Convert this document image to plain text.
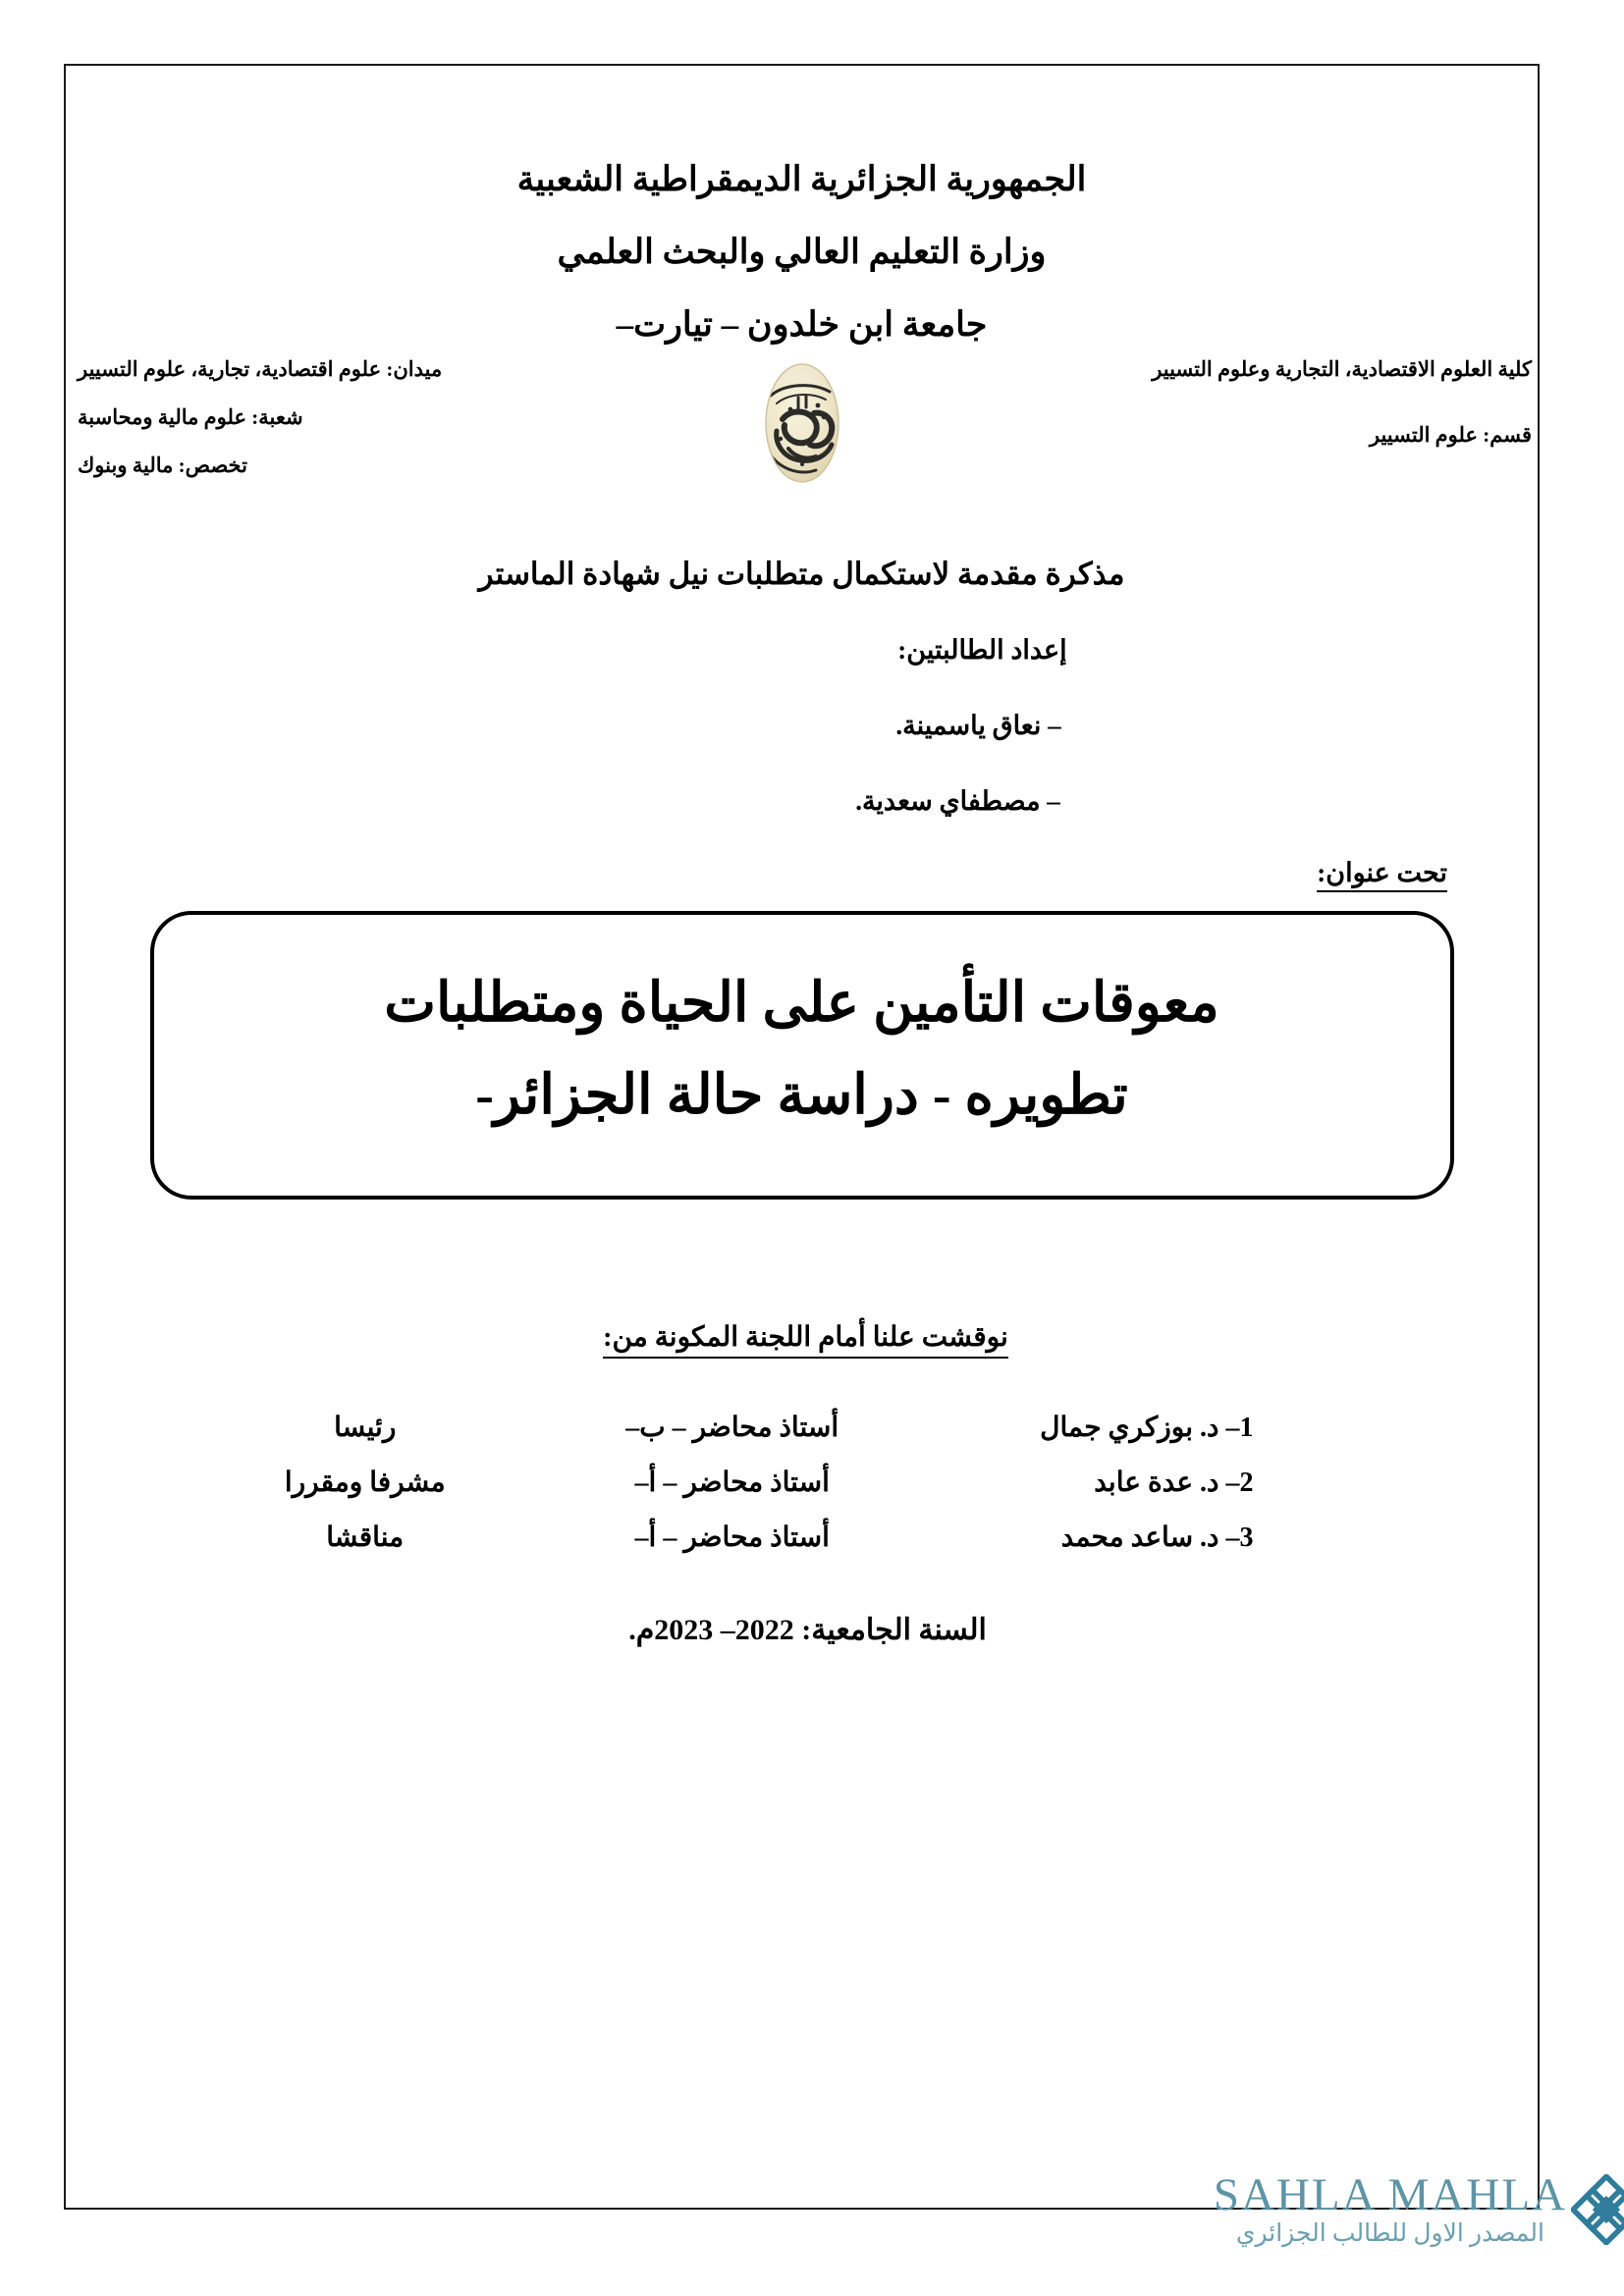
الجمهورية الجزائرية الديمقراطية الشعبية
وزارة التعليم العالي والبحث العلمي
جامعة ابن خلدون – تيارت–
كلية العلوم الاقتصادية، التجارية وعلوم التسيير
قسم: علوم التسيير
ميدان: علوم اقتصادية، تجارية، علوم التسيير
شعبة: علوم مالية ومحاسبة
تخصص: مالية وبنوك
مذكرة مقدمة لاستكمال متطلبات نيل شهادة الماستر
إعداد الطالبتين:
– نعاق ياسمينة.
– مصطفاي سعدية.
تحت عنوان:
معوقات التأمين على الحياة ومتطلبات
تطويره - دراسة حالة الجزائر-
نوقشت علنا أمام اللجنة المكونة من:
1– د. بوزكري جمال	أستاذ محاضر – ب–	رئيسا
2– د. عدة عابد	أستاذ محاضر – أ–	مشرفا ومقررا
3– د. ساعد محمد	أستاذ محاضر – أ–	مناقشا
السنة الجامعية: 2022– 2023م.
SAHLA MAHLA
المصدر الاول للطالب الجزائري
